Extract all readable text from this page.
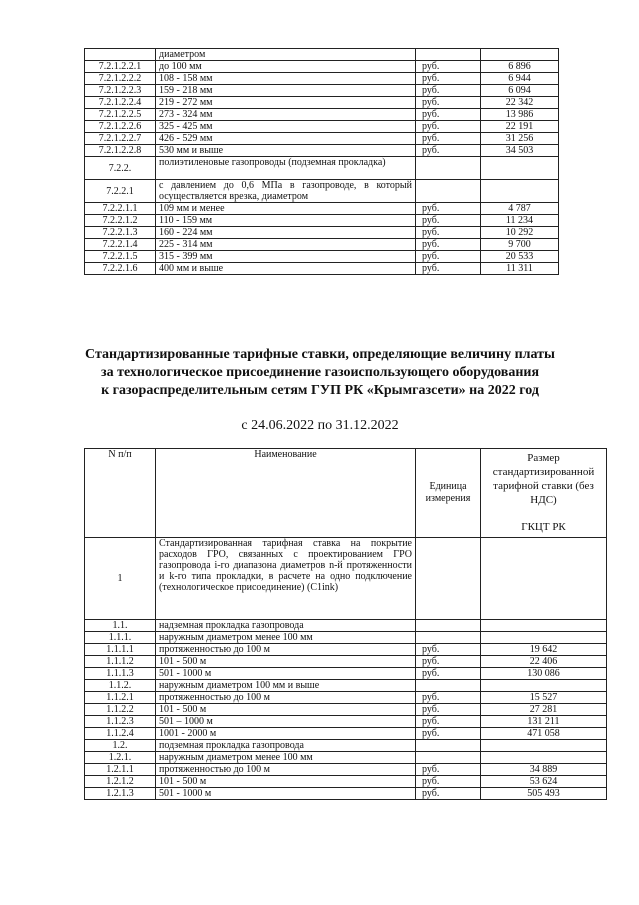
	диаметром		
7.2.1.2.2.1	до 100 мм	руб.	6 896
7.2.1.2.2.2	108 - 158 мм	руб.	6 944
7.2.1.2.2.3	159 - 218 мм	руб.	6 094
7.2.1.2.2.4	219 - 272 мм	руб.	22 342
7.2.1.2.2.5	273 - 324 мм	руб.	13 986
7.2.1.2.2.6	325 - 425 мм	руб.	22 191
7.2.1.2.2.7	426 - 529 мм	руб.	31 256
7.2.1.2.2.8	530 мм и выше	руб.	34 503
7.2.2.	полиэтиленовые газопроводы (подземная прокладка)		
7.2.2.1	с давлением до 0,6 МПа в газопроводе, в который осуществляется врезка, диаметром		
7.2.2.1.1	109 мм и менее	руб.	4 787
7.2.2.1.2	110 - 159 мм	руб.	11 234
7.2.2.1.3	160 - 224 мм	руб.	10 292
7.2.2.1.4	225 - 314 мм	руб.	9 700
7.2.2.1.5	315 - 399 мм	руб.	20 533
7.2.2.1.6	400 мм и выше	руб.	11 311
Стандартизированные тарифные ставки, определяющие величину платы
за технологическое присоединение газоиспользующего оборудования
к газораспределительным сетям ГУП РК «Крымгазсети» на 2022 год
с 24.06.2022 по 31.12.2022
N п/п	Наименование	Единица измерения	Размер стандартизированной тарифной ставки (без НДС)
ГКЦТ РК

1	Стандартизированная тарифная ставка на покрытие расходов ГРО, связанных с проектированием ГРО газопровода i-го диапазона диаметров n-й протяженности и k-го типа прокладки, в расчете на одно подключение (технологическое присоединение) (C1ink)		
1.1.	надземная прокладка газопровода		
1.1.1.	наружным диаметром менее 100 мм		
1.1.1.1	протяженностью до 100 м	руб.	19 642
1.1.1.2	101 - 500 м	руб.	22 406
1.1.1.3	501 - 1000 м	руб.	130 086
1.1.2.	наружным диаметром 100 мм и выше		
1.1.2.1	протяженностью до 100 м	руб.	15 527
1.1.2.2	101 - 500 м	руб.	27 281
1.1.2.3	501 – 1000 м	руб.	131 211
1.1.2.4	1001 - 2000 м	руб.	471 058
1.2.	подземная прокладка газопровода		
1.2.1.	наружным диаметром менее 100 мм		
1.2.1.1	протяженностью до 100 м	руб.	34 889
1.2.1.2	101 - 500 м	руб.	53 624
1.2.1.3	501 - 1000 м	руб.	505 493
